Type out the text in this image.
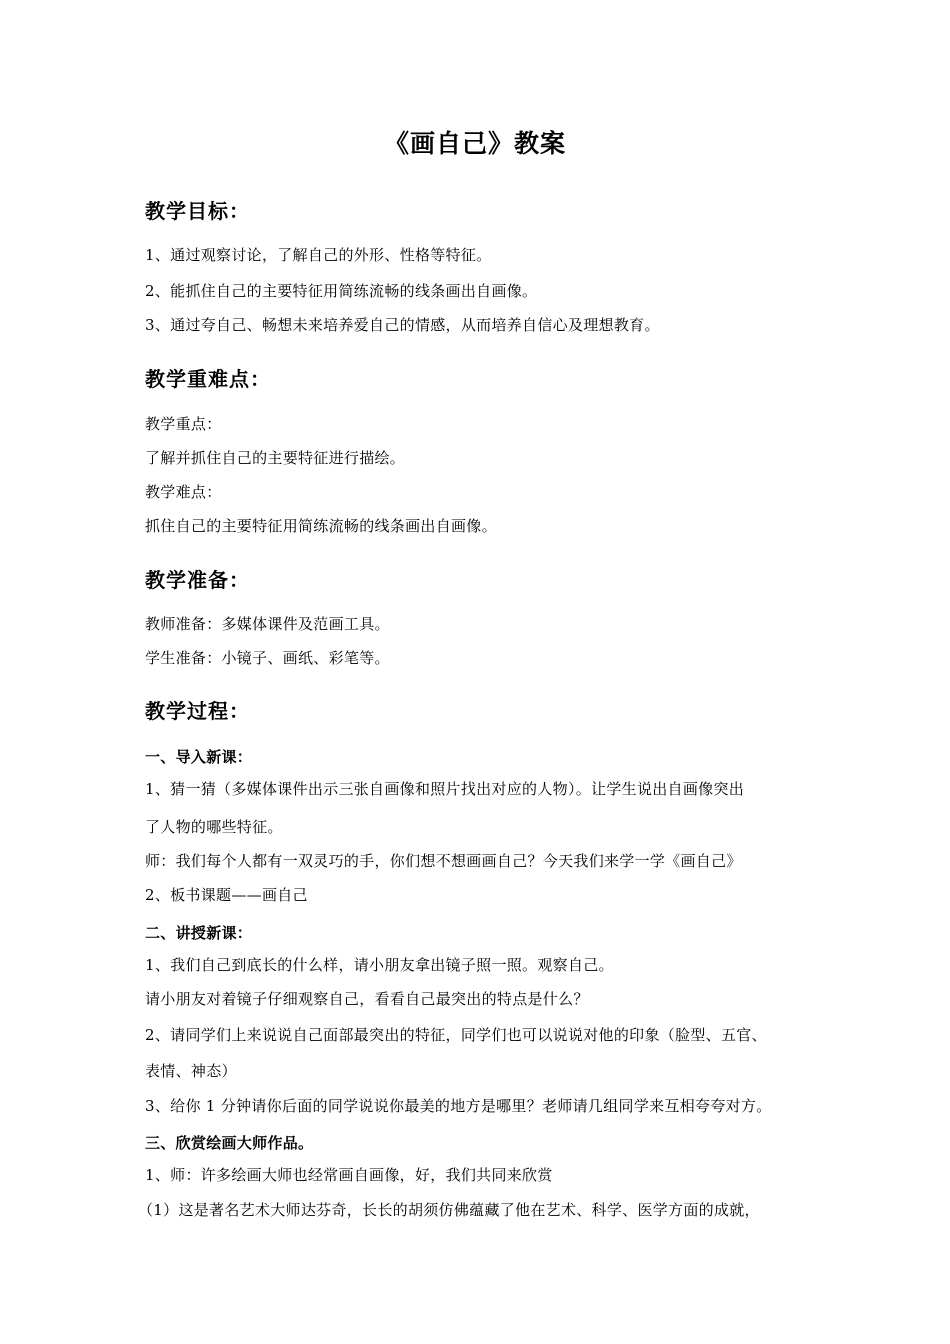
《画自己》教案
教学目标：
1、通过观察讨论，了解自己的外形、性格等特征。
2、能抓住自己的主要特征用简练流畅的线条画出自画像。
3、通过夸自己、畅想未来培养爱自己的情感，从而培养自信心及理想教育。
教学重难点：
教学重点：
了解并抓住自己的主要特征进行描绘。
教学难点：
抓住自己的主要特征用简练流畅的线条画出自画像。
教学准备：
教师准备：多媒体课件及范画工具。
学生准备：小镜子、画纸、彩笔等。
教学过程：
一、导入新课：
1、猜一猜（多媒体课件出示三张自画像和照片找出对应的人物）。让学生说出自画像突出
了人物的哪些特征。
师：我们每个人都有一双灵巧的手，你们想不想画画自己？今天我们来学一学《画自己》
2、板书课题——画自己
二、讲授新课：
1、我们自己到底长的什么样，请小朋友拿出镜子照一照。观察自己。
请小朋友对着镜子仔细观察自己，看看自己最突出的特点是什么？
2、请同学们上来说说自己面部最突出的特征，同学们也可以说说对他的印象（脸型、五官、
表情、神态）
3、给你 1 分钟请你后面的同学说说你最美的地方是哪里？老师请几组同学来互相夸夸对方。
三、欣赏绘画大师作品。
1、师：许多绘画大师也经常画自画像，好，我们共同来欣赏
（1）这是著名艺术大师达芬奇，长长的胡须仿佛蕴藏了他在艺术、科学、医学方面的成就，
